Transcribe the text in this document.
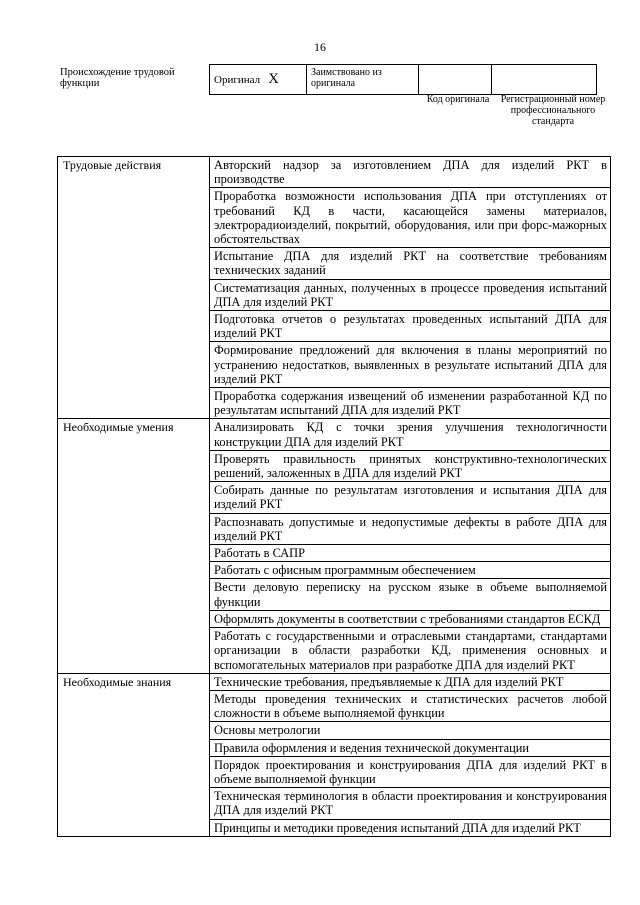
16
Происхождение трудовой функции	Оригинал X	Заимствовано из оригинала		
Код оригинала	Регистрационный номер профессионального стандарта
Трудовые действия	Авторский надзор за изготовлением ДПА для изделий РКТ в производстве
	Проработка возможности использования ДПА при отступлениях от требований КД в части, касающейся замены материалов, электрорадиоизделий, покрытий, оборудования, или при форс-мажорных обстоятельствах
	Испытание ДПА для изделий РКТ на соответствие требованиям технических заданий
	Систематизация данных, полученных в процессе проведения испытаний ДПА для изделий РКТ
	Подготовка отчетов о результатах проведенных испытаний ДПА для изделий РКТ
	Формирование предложений для включения в планы мероприятий по устранению недостатков, выявленных в результате испытаний ДПА для изделий РКТ
	Проработка содержания извещений об изменении разработанной КД по результатам испытаний ДПА для изделий РКТ
Необходимые умения	Анализировать КД с точки зрения улучшения технологичности конструкции ДПА для изделий РКТ
	Проверять правильность принятых конструктивно-технологических решений, заложенных в ДПА для изделий РКТ
	Собирать данные по результатам изготовления и испытания ДПА для изделий РКТ
	Распознавать допустимые и недопустимые дефекты в работе ДПА для изделий РКТ
	Работать в САПР
	Работать с офисным программным обеспечением
	Вести деловую переписку на русском языке в объеме выполняемой функции
	Оформлять документы в соответствии с требованиями стандартов ЕСКД
	Работать с государственными и отраслевыми стандартами, стандартами организации в области разработки КД, применения основных и вспомогательных материалов при разработке ДПА для изделий РКТ
Необходимые знания	Технические требования, предъявляемые к ДПА для изделий РКТ
	Методы проведения технических и статистических расчетов любой сложности в объеме выполняемой функции
	Основы метрологии
	Правила оформления и ведения технической документации
	Порядок проектирования и конструирования ДПА для изделий РКТ в объеме выполняемой функции
	Техническая терминология в области проектирования и конструирования ДПА для изделий РКТ
	Принципы и методики проведения испытаний ДПА для изделий РКТ
